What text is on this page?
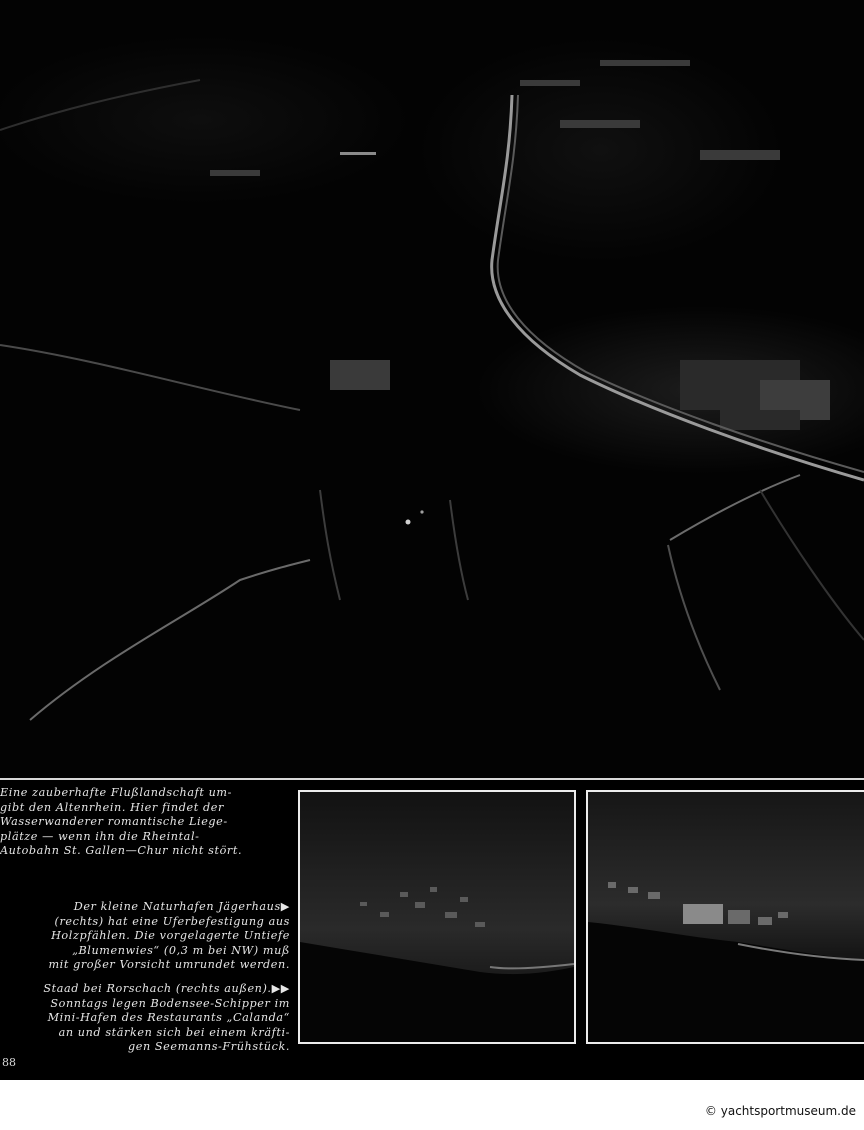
Eine zauberhafte Flußlandschaft um-
gibt den Altenrhein. Hier findet der
Wasserwanderer romantische Liege-
plätze — wenn ihn die Rheintal-
Autobahn St. Gallen—Chur nicht stört.
Der kleine Naturhafen Jägerhaus▶
(rechts) hat eine Uferbefestigung aus
Holzpfählen. Die vorgelagerte Untiefe
„Blumenwies“ (0,3 m bei NW) muß
mit großer Vorsicht umrundet werden.
Staad bei Rorschach (rechts außen).▶▶
Sonntags legen Bodensee-Schipper im
Mini-Hafen des Restaurants „Calanda“
an und stärken sich bei einem kräfti-
gen Seemanns-Frühstück.
88
© yachtsportmuseum.de
